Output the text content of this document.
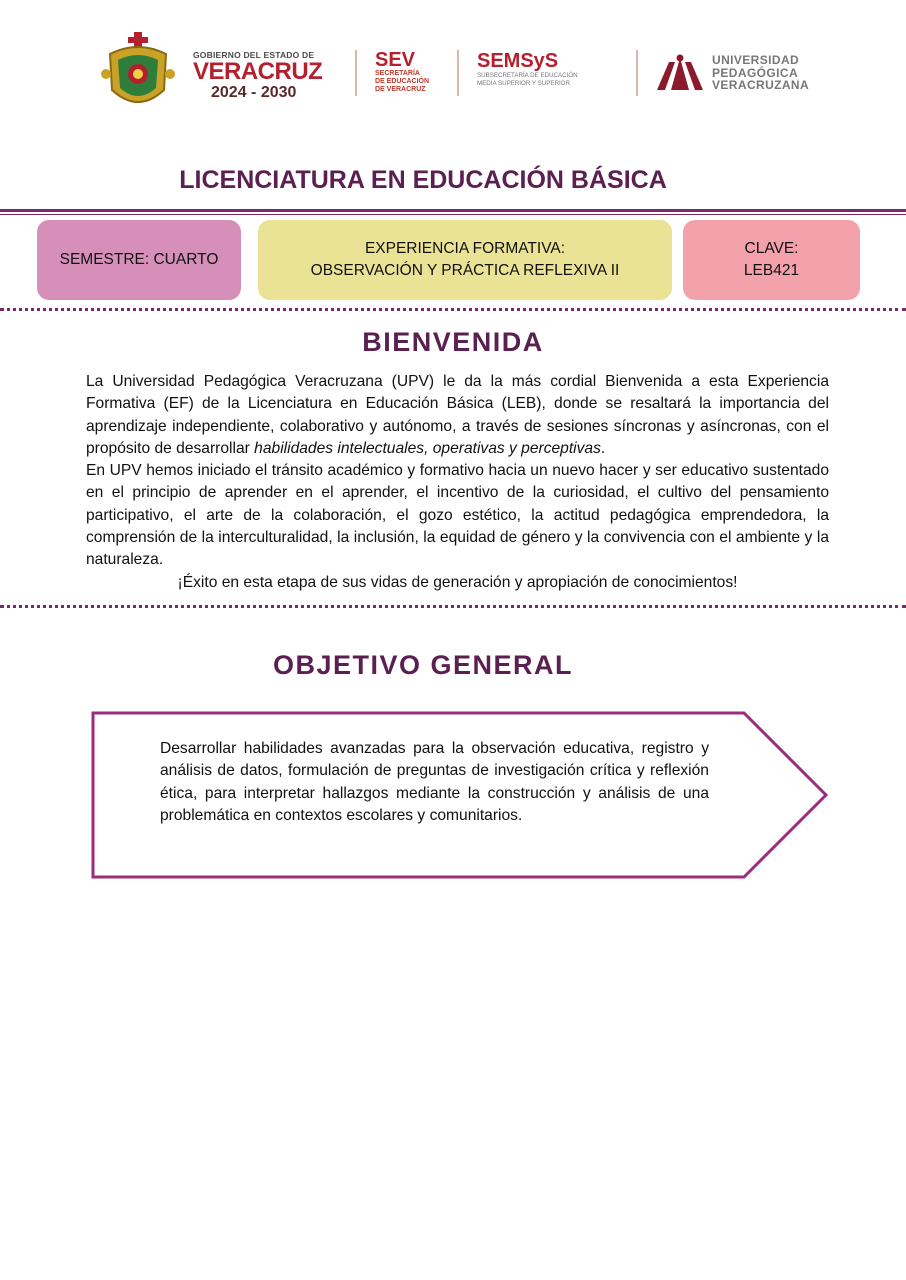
GOBIERNO DEL ESTADO DE
VERACRUZ
2024 - 2030
SEV
SECRETARÍA
DE EDUCACIÓN
DE VERACRUZ
SEMSyS
SUBSECRETARÍA DE EDUCACIÓN
MEDIA SUPERIOR Y SUPERIOR
UNIVERSIDAD
PEDAGÓGICA
VERACRUZANA
LICENCIATURA EN EDUCACIÓN BÁSICA
SEMESTRE: CUARTO
EXPERIENCIA FORMATIVA:
OBSERVACIÓN Y PRÁCTICA REFLEXIVA II
CLAVE:
LEB421
BIENVENIDA

La Universidad Pedagógica Veracruzana (UPV) le da la más cordial Bienvenida a esta Experiencia Formativa (EF) de la Licenciatura en Educación Básica (LEB), donde se resaltará la importancia del aprendizaje independiente, colaborativo y autónomo, a través de sesiones síncronas y asíncronas, con el propósito de desarrollar habilidades intelectuales, operativas y perceptivas.

En UPV hemos iniciado el tránsito académico y formativo hacia un nuevo hacer y ser educativo sustentado en el principio de aprender en el aprender, el incentivo de la curiosidad, el cultivo del pensamiento participativo, el arte de la colaboración, el gozo estético, la actitud pedagógica emprendedora, la comprensión de la interculturalidad, la inclusión, la equidad de género y la convivencia con el ambiente y la naturaleza.

¡Éxito en esta etapa de sus vidas de generación y apropiación de conocimientos!

OBJETIVO GENERAL
Desarrollar habilidades avanzadas para la observación educativa, registro y análisis de datos, formulación de preguntas de investigación crítica y reflexión ética, para interpretar hallazgos mediante la construcción y análisis de una problemática en contextos escolares y comunitarios.
